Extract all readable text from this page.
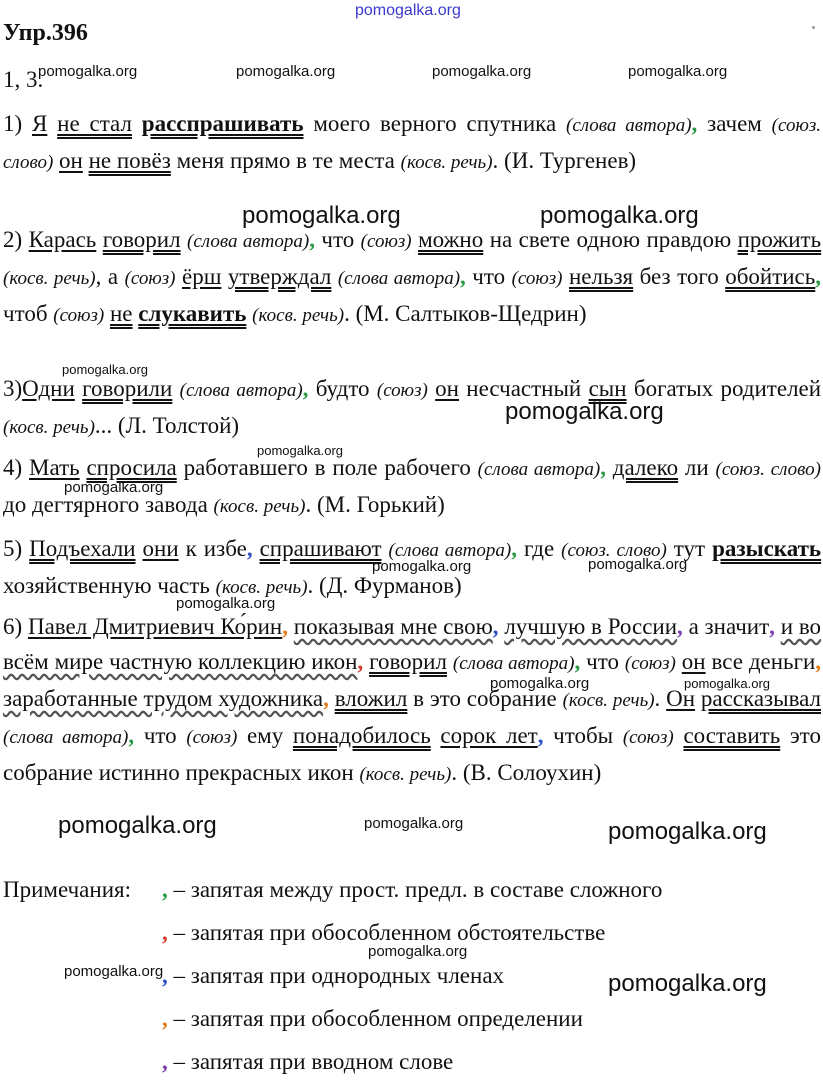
pomogalka.org
Упр.396
1, 3.
1) Я не стал расспрашивать моего верного спутника (слова автора), зачем (союз. слово) он не повёз меня прямо в те места (косв. речь). (И. Тургенев)
2) Карась говорил (слова автора), что (союз) можно на свете одною правдою прожить (косв. речь), а (союз) ёрш утверждал (слова автора), что (союз) нельзя без того обойтись, чтоб (союз) не слукавить (косв. речь). (М. Салтыков-Щедрин)
3)Одни говорили (слова автора), будто (союз) он несчастный сын богатых родителей (косв. речь)... (Л. Толстой)
4) Мать спросила работавшего в поле рабочего (слова автора), далеко ли (союз. слово) до дегтярного завода (косв. речь). (М. Горький)
5) Подъехали они к избе, спрашивают (слова автора), где (союз. слово) тут разыскать хозяйственную часть (косв. речь). (Д. Фурманов)
6) Павел Дмитриевич Ко́рин, показывая мне свою, лучшую в России, а значит, и во всём мире частную коллекцию икон, говорил (слова автора), что (союз) он все деньги, заработанные трудом художника, вложил в это собрание (косв. речь). Он рассказывал (слова автора), что (союз) ему понадобилось сорок лет, чтобы (союз) составить это собрание истинно прекрасных икон (косв. речь). (В. Солоухин)
Примечания: , – запятая между прост. предл. в составе сложного
, – запятая при обособленном обстоятельстве
, – запятая при однородных членах
, – запятая при обособленном определении
, – запятая при вводном слове
pomogalka.org	pomogalka.org	pomogalka.org	pomogalka.org
pomogalka.org	pomogalka.org
pomogalka.org
pomogalka.org
pomogalka.org
pomogalka.org
pomogalka.org	pomogalka.org
pomogalka.org
pomogalka.org	pomogalka.org
pomogalka.org	pomogalka.org	pomogalka.org
pomogalka.org
pomogalka.org	pomogalka.org
